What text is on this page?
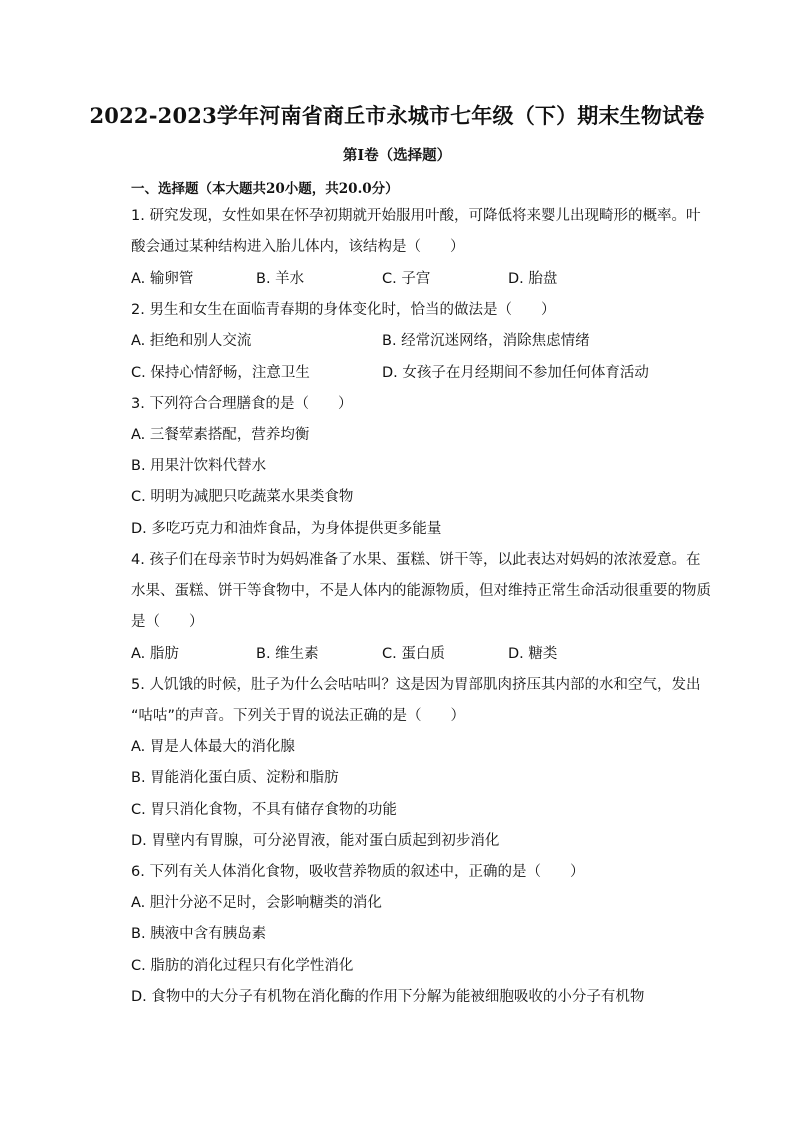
2022-2023学年河南省商丘市永城市七年级（下）期末生物试卷
第Ⅰ卷（选择题）
一、选择题（本大题共20小题，共20.0分）
1. 研究发现，女性如果在怀孕初期就开始服用叶酸，可降低将来婴儿出现畸形的概率。叶
酸会通过某种结构进入胎儿体内，该结构是（　　）
A. 输卵管	B. 羊水	C. 子宫	D. 胎盘
2. 男生和女生在面临青春期的身体变化时，恰当的做法是（　　）
A. 拒绝和别人交流	B. 经常沉迷网络，消除焦虑情绪
C. 保持心情舒畅，注意卫生	D. 女孩子在月经期间不参加任何体育活动
3. 下列符合合理膳食的是（　　）
A. 三餐荤素搭配，营养均衡
B. 用果汁饮料代替水
C. 明明为减肥只吃蔬菜水果类食物
D. 多吃巧克力和油炸食品，为身体提供更多能量
4. 孩子们在母亲节时为妈妈准备了水果、蛋糕、饼干等，以此表达对妈妈的浓浓爱意。在
水果、蛋糕、饼干等食物中，不是人体内的能源物质，但对维持正常生命活动很重要的物质
是（　　）
A. 脂肪	B. 维生素	C. 蛋白质	D. 糖类
5. 人饥饿的时候，肚子为什么会咕咕叫？这是因为胃部肌肉挤压其内部的水和空气，发出
“咕咕”的声音。下列关于胃的说法正确的是（　　）
A. 胃是人体最大的消化腺
B. 胃能消化蛋白质、淀粉和脂肪
C. 胃只消化食物，不具有储存食物的功能
D. 胃壁内有胃腺，可分泌胃液，能对蛋白质起到初步消化
6. 下列有关人体消化食物，吸收营养物质的叙述中，正确的是（　　）
A. 胆汁分泌不足时，会影响糖类的消化
B. 胰液中含有胰岛素
C. 脂肪的消化过程只有化学性消化
D. 食物中的大分子有机物在消化酶的作用下分解为能被细胞吸收的小分子有机物
